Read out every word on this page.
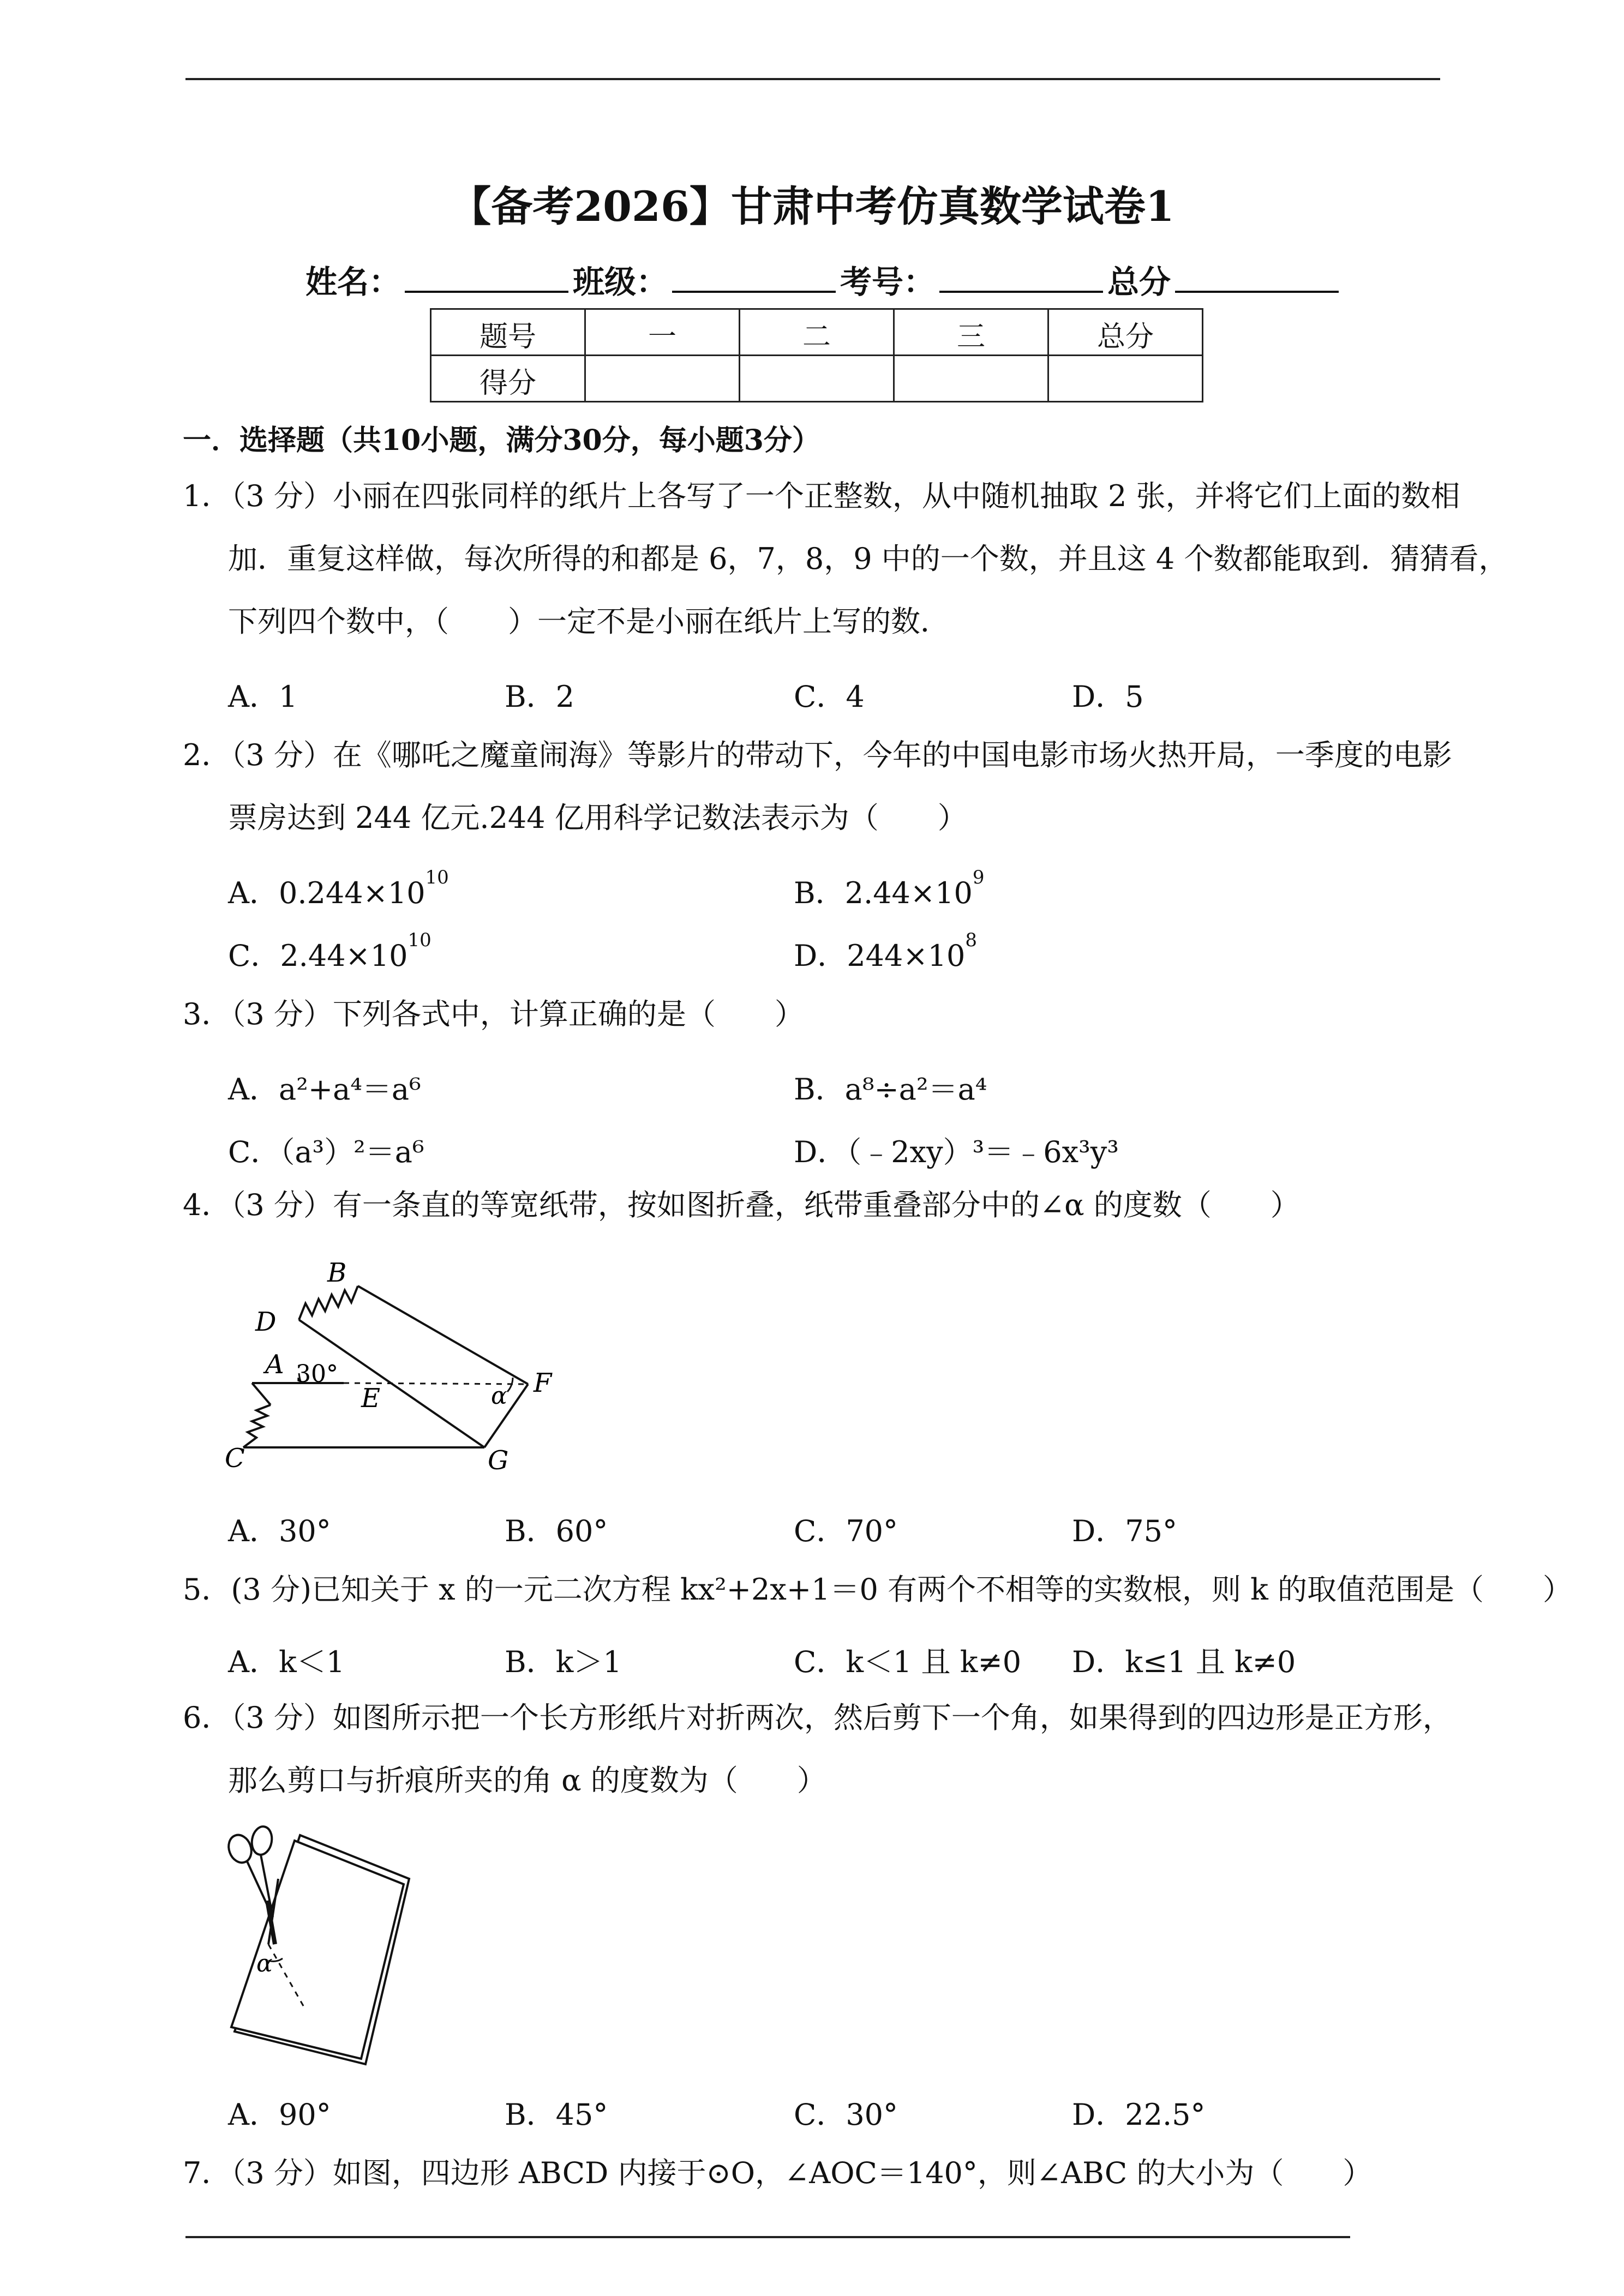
【备考2026】甘肃中考仿真数学试卷1
姓名：	班级：	考号：	总分
题号	一	二	三	总分
得分				
一．选择题（共10小题，满分30分，每小题3分）
1．（3 分）小丽在四张同样的纸片上各写了一个正整数，从中随机抽取 2 张，并将它们上面的数相
加．重复这样做，每次所得的和都是 6，7，8，9 中的一个数，并且这 4 个数都能取到．猜猜看，
下列四个数中，（　　）一定不是小丽在纸片上写的数．
A．1	B．2	C．4	D．5
2．（3 分）在《哪吒之魔童闹海》等影片的带动下，今年的中国电影市场火热开局，一季度的电影
票房达到 244 亿元.244 亿用科学记数法表示为（　　）
A．$0.244\times 10^{10}$	B．$2.44\times 10^9$
C．$2.44\times 10^{10}$	D．$244\times 10^8$
3．（3 分）下列各式中，计算正确的是（　　）
A．a²+a⁴＝a⁶	B．a⁸÷a²＝a⁴
C．（a³）²＝a⁶	D．（﹣2xy）³＝﹣6x³y³
4．（3 分）有一条直的等宽纸带，按如图折叠，纸带重叠部分中的∠α 的度数（　　）
B
D
A 30°
E	F
α
C	G
A．30°	B．60°	C．70°	D．75°
5．(3 分)已知关于 x 的一元二次方程 kx²+2x+1＝0 有两个不相等的实数根，则 k 的取值范围是（　　）
A．k＜1	B．k＞1	C．k＜1 且 k≠0 D．k≤1 且 k≠0
6．（3 分）如图所示把一个长方形纸片对折两次，然后剪下一个角，如果得到的四边形是正方形，
那么剪口与折痕所夹的角 α 的度数为（　　）
α
A．90°	B．45°	C．30°	D．22.5°
7．（3 分）如图，四边形 ABCD 内接于⊙O，∠AOC＝140°，则∠ABC 的大小为（　　）
